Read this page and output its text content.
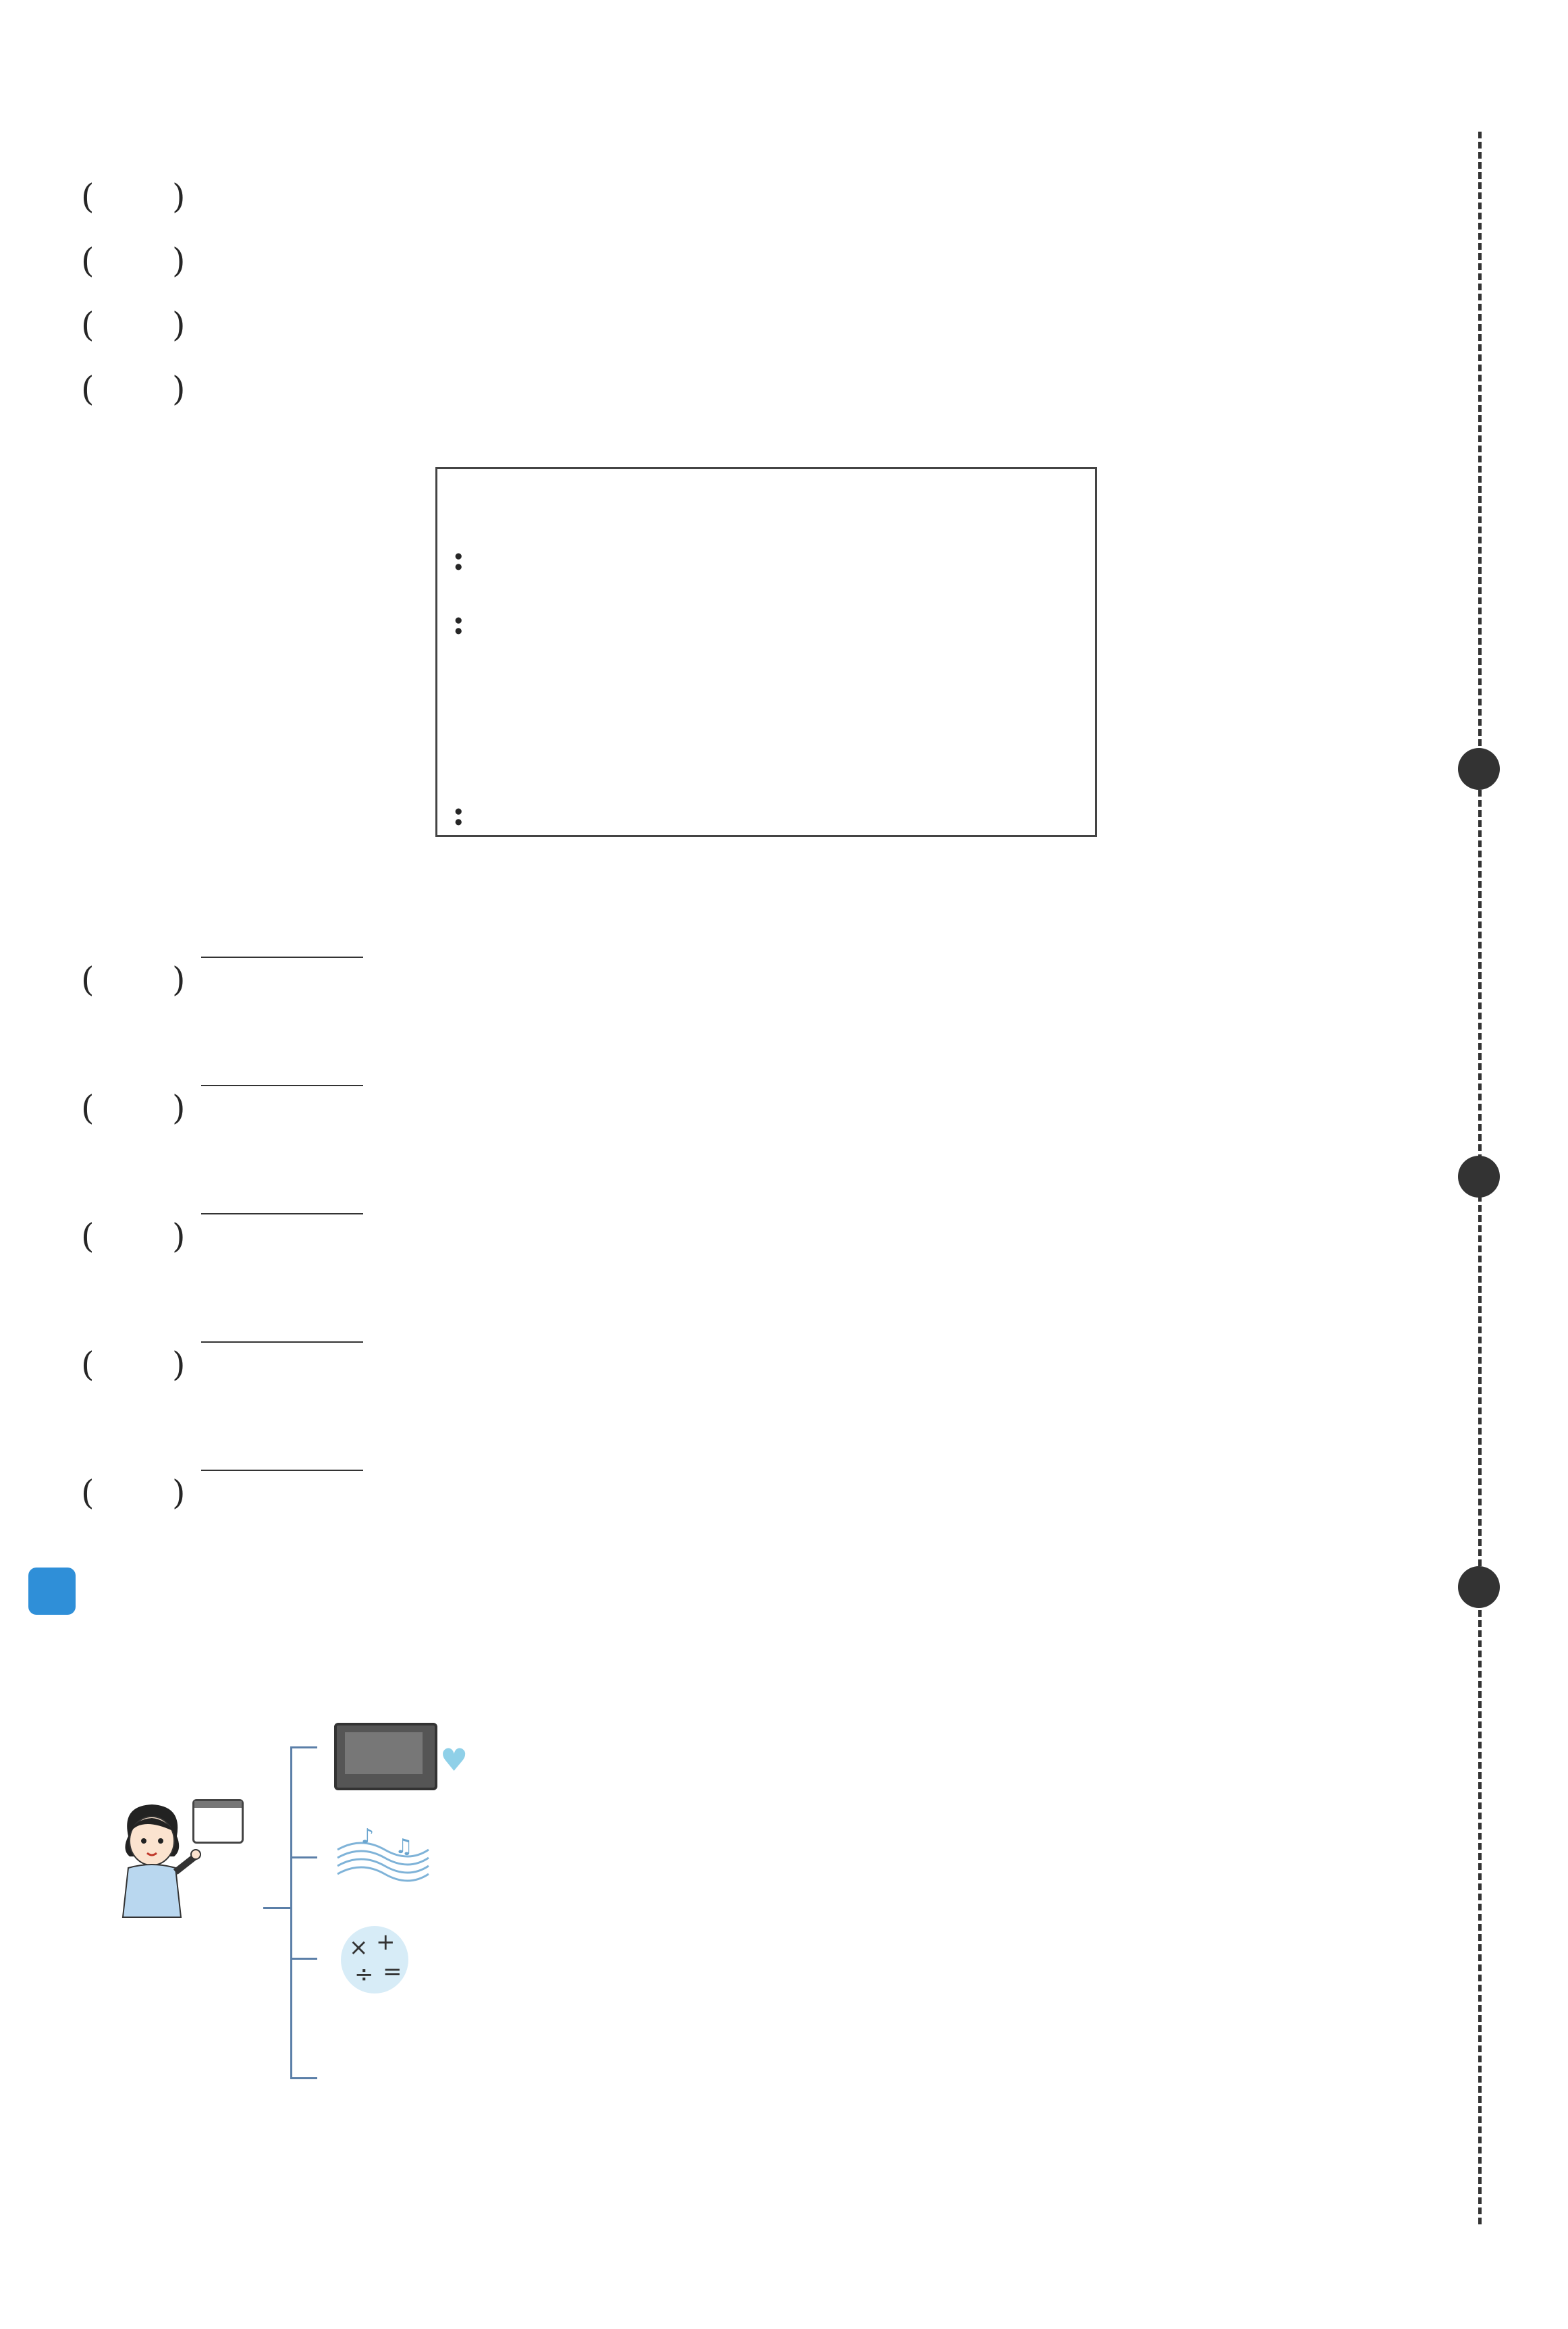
( )
( )
( )
( )
:
:
:
( )

( )

( )

( )

( )

♥
♪ ♫
× +
÷ =
